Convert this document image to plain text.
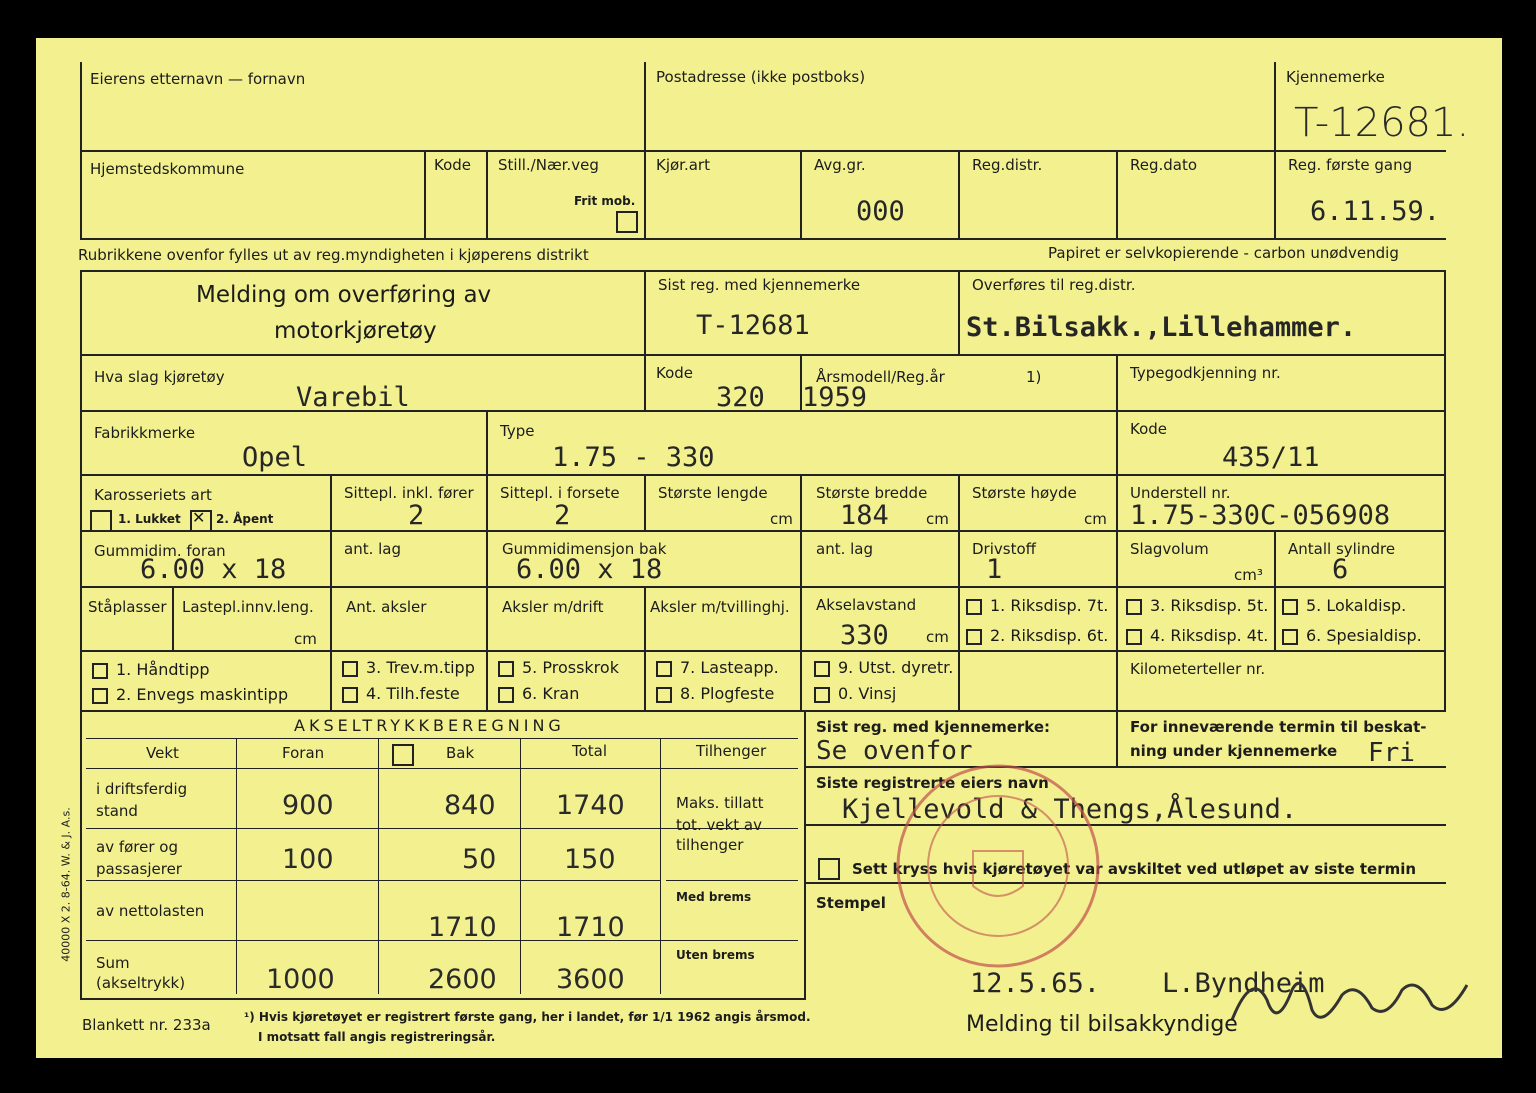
Eierens etternavn — fornavn	Postadresse (ikke postboks)	Kjennemerke
T-12681.
Hjemstedskommune	Kode Still./Nær.veg
Frit mob.
Kjør.art	Avg.gr.
000
Reg.distr.	Reg.dato	Reg. første gang
6.11.59.
Rubrikkene ovenfor fylles ut av reg.myndigheten i kjøperens distrikt	Papiret er selvkopierende - carbon unødvendig
Melding om overføring av
motorkjøretøy
Sist reg. med kjennemerke
T-12681
Overføres til reg.distr.
St.Bilsakk.,Lillehammer.
Hva slag kjøretøy
Varebil
Kode
320
Årsmodell/Reg.år	1)
1959
Typegodkjenning nr.
Fabrikkmerke
Opel
Type
1.75 - 330
Kode
435/11
Karosseriets art
1. Lukket
✕	2. Åpent
Sittepl. inkl. fører
2
Sittepl. i forsete
2
Største lengde
cm
Største bredde
184 cm
Største høyde
cm
Understell nr.
1.75-330C-056908
Gummidim. foran
6.00 x 18
ant. lag	Gummidimensjon bak
6.00 x 18
ant. lag	Drivstoff
1
Slagvolum
cm³
Antall sylindre
6
Ståplasser Lastepl.innv.leng.
cm
Ant. aksler	Aksler m/drift	Aksler m/tvillinghj. Akselavstand
330 cm
1. Riksdisp. 7t.
2. Riksdisp. 6t.
3. Riksdisp. 5t.
4. Riksdisp. 4t.
5. Lokaldisp.
6. Spesialdisp.
1. Håndtipp
2. Envegs maskintipp
3. Trev.m.tipp
4. Tilh.feste
5. Prosskrok
6. Kran
7. Lasteapp.
8. Plogfeste
9. Utst. dyretr.
0. Vinsj
Kilometerteller nr.
AKSELTRYKKBEREGNING
Vekt	Foran	Bak	Total	Tilhenger
i driftsferdig
stand	900	840 1740
av fører og
passasjerer	100	50	150
av nettolasten
1710 1710
Sum
(akseltrykk)	1000	2600 3600
Maks. tillatt
tot. vekt av
tilhenger
Med brems
Uten brems
40000 X 2. 8-64. W. & J. A.s.
Sist reg. med kjennemerke:
Se ovenfor
For inneværende termin til beskat-
ning under kjennemerke Fri
Siste registrerte eiers navn
Kjellevold & Thengs,Ålesund.
Sett kryss hvis kjøretøyet var avskiltet ved utløpet av siste termin
Stempel
12.5.65. L.Byndheim
Blankett nr. 233a	¹) Hvis kjøretøyet er registrert første gang, her i landet, før 1/1 1962 angis årsmod.
I motsatt fall angis registreringsår.	Melding til bilsakkyndige
